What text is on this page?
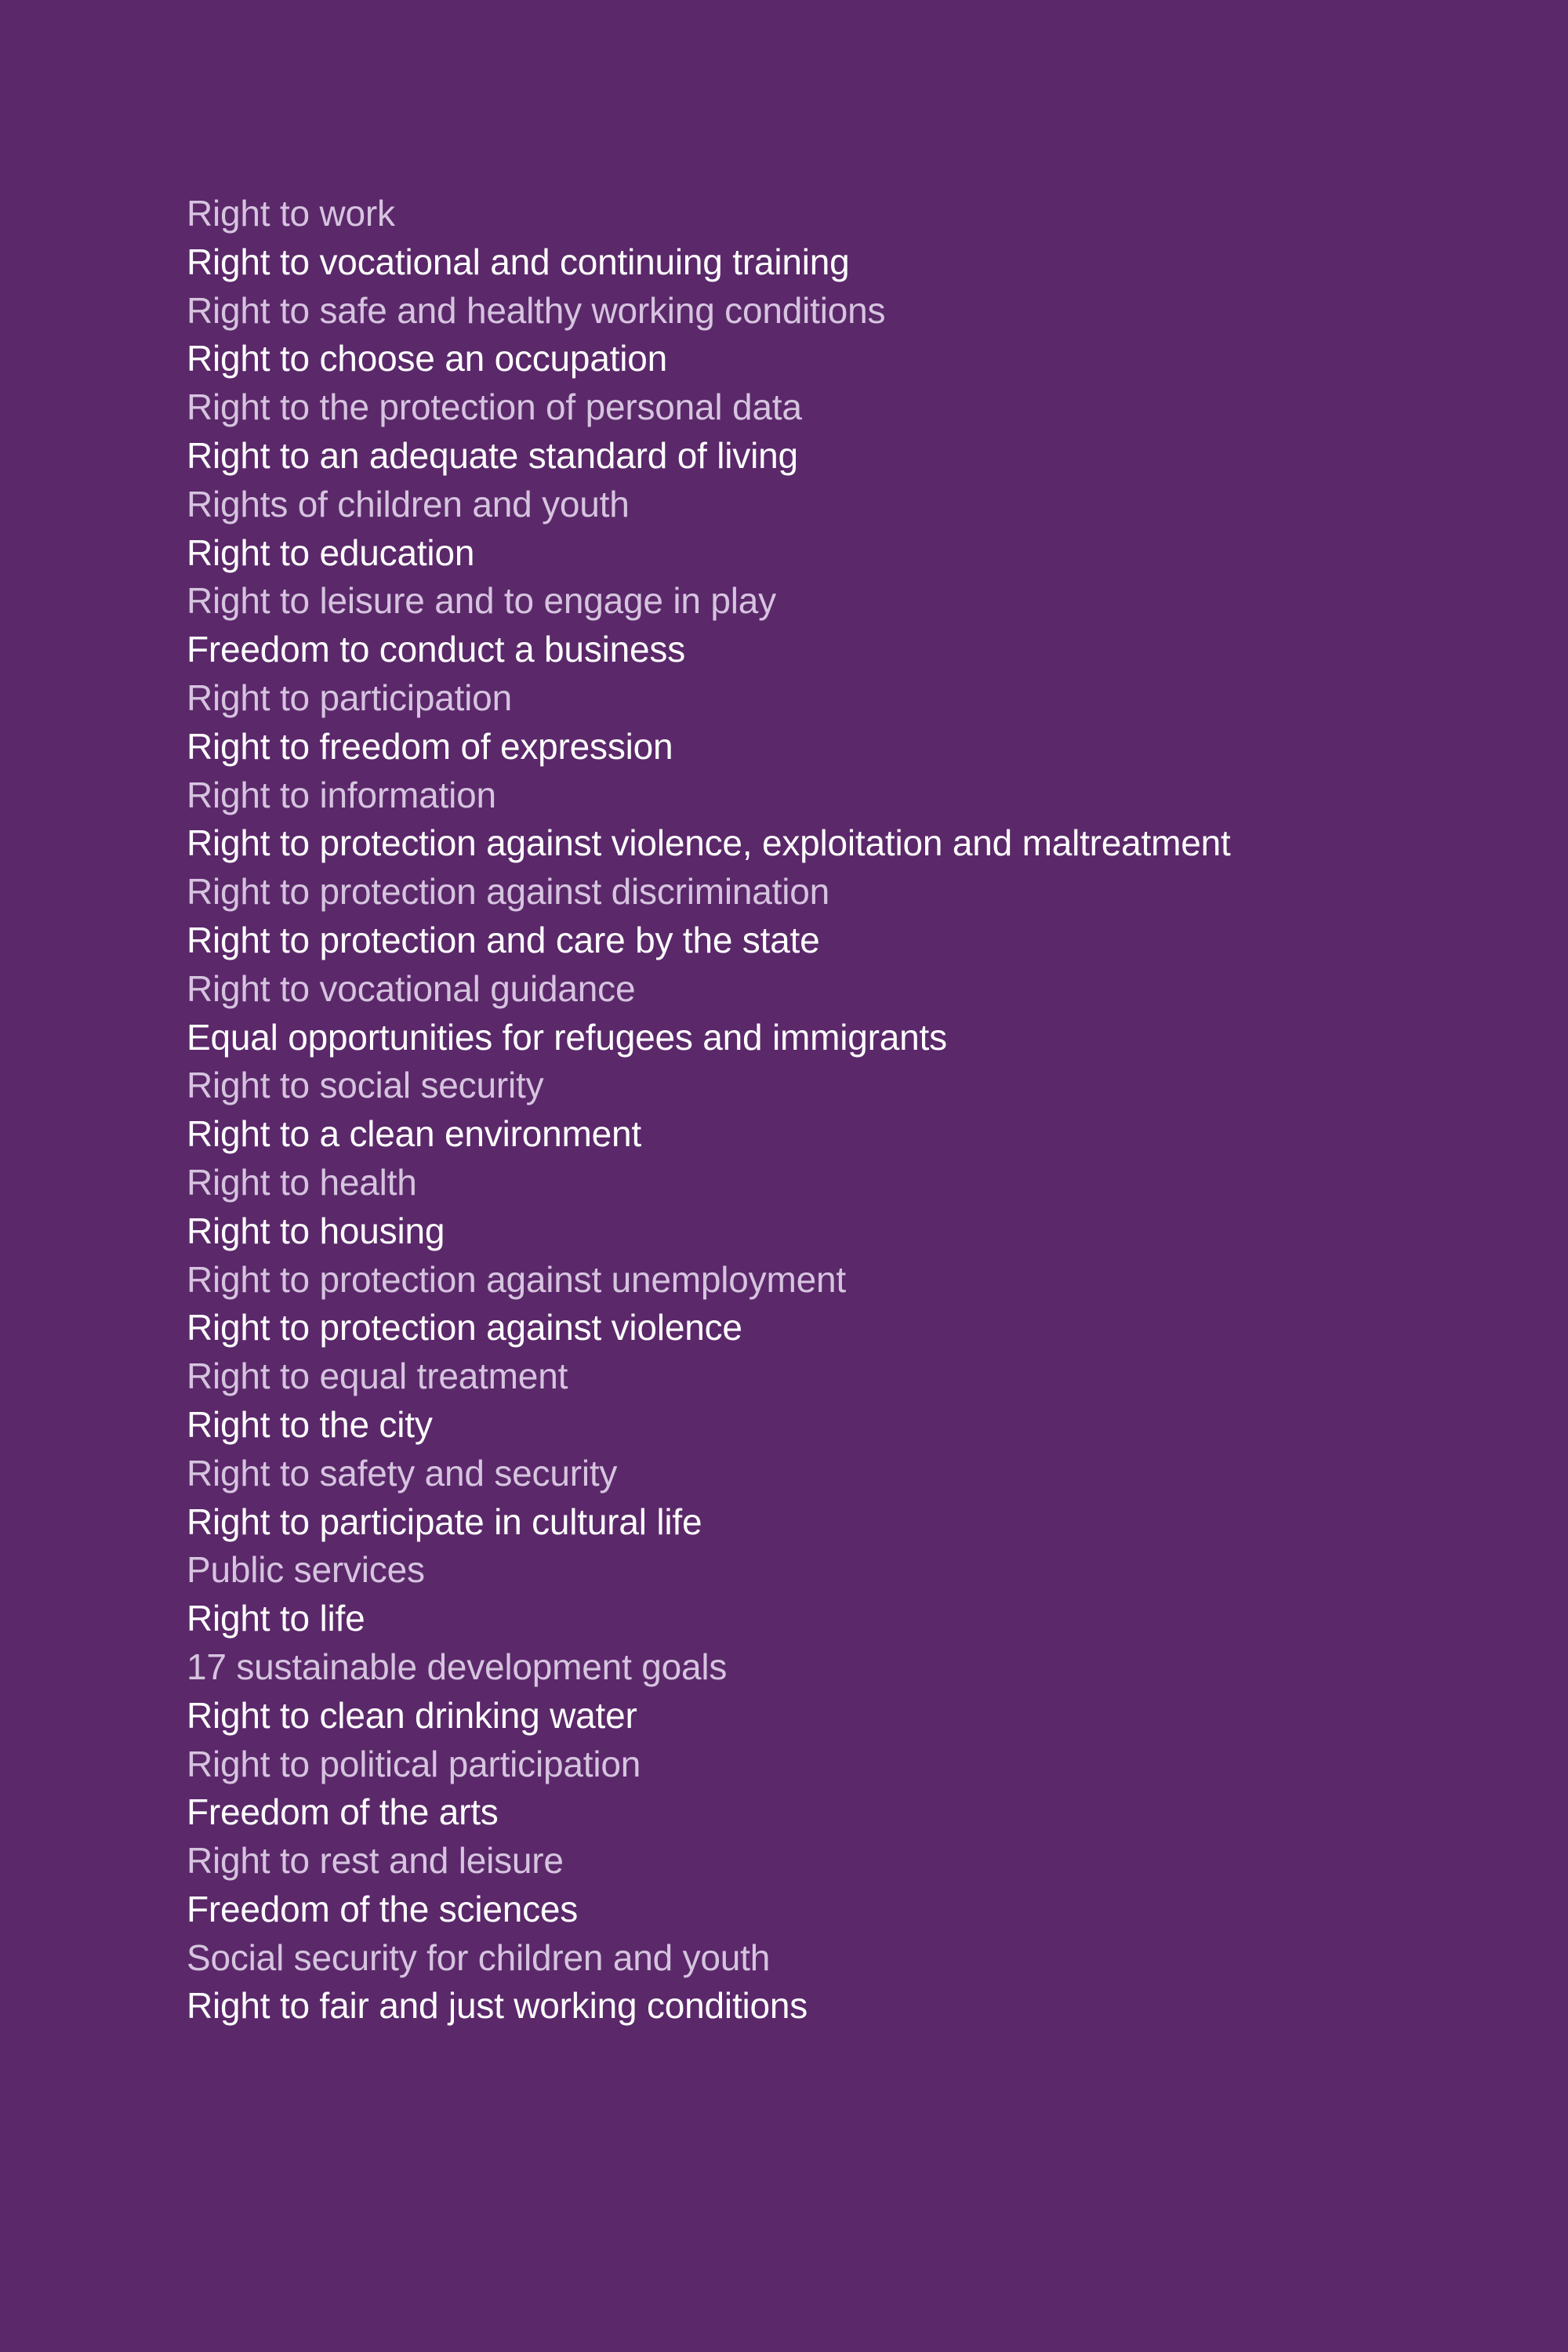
Right to work
Right to vocational and continuing training
Right to safe and healthy working conditions
Right to choose an occupation
Right to the protection of personal data
Right to an adequate standard of living
Rights of children and youth
Right to education
Right to leisure and to engage in play
Freedom to conduct a business
Right to participation
Right to freedom of expression
Right to information
Right to protection against violence, exploitation and maltreatment
Right to protection against discrimination
Right to protection and care by the state
Right to vocational guidance
Equal opportunities for refugees and immigrants
Right to social security
Right to a clean environment
Right to health
Right to housing
Right to protection against unemployment
Right to protection against violence
Right to equal treatment
Right to the city
Right to safety and security
Right to participate in cultural life
Public services
Right to life
17 sustainable development goals
Right to clean drinking water
Right to political participation
Freedom of the arts
Right to rest and leisure
Freedom of the sciences
Social security for children and youth
Right to fair and just working conditions
